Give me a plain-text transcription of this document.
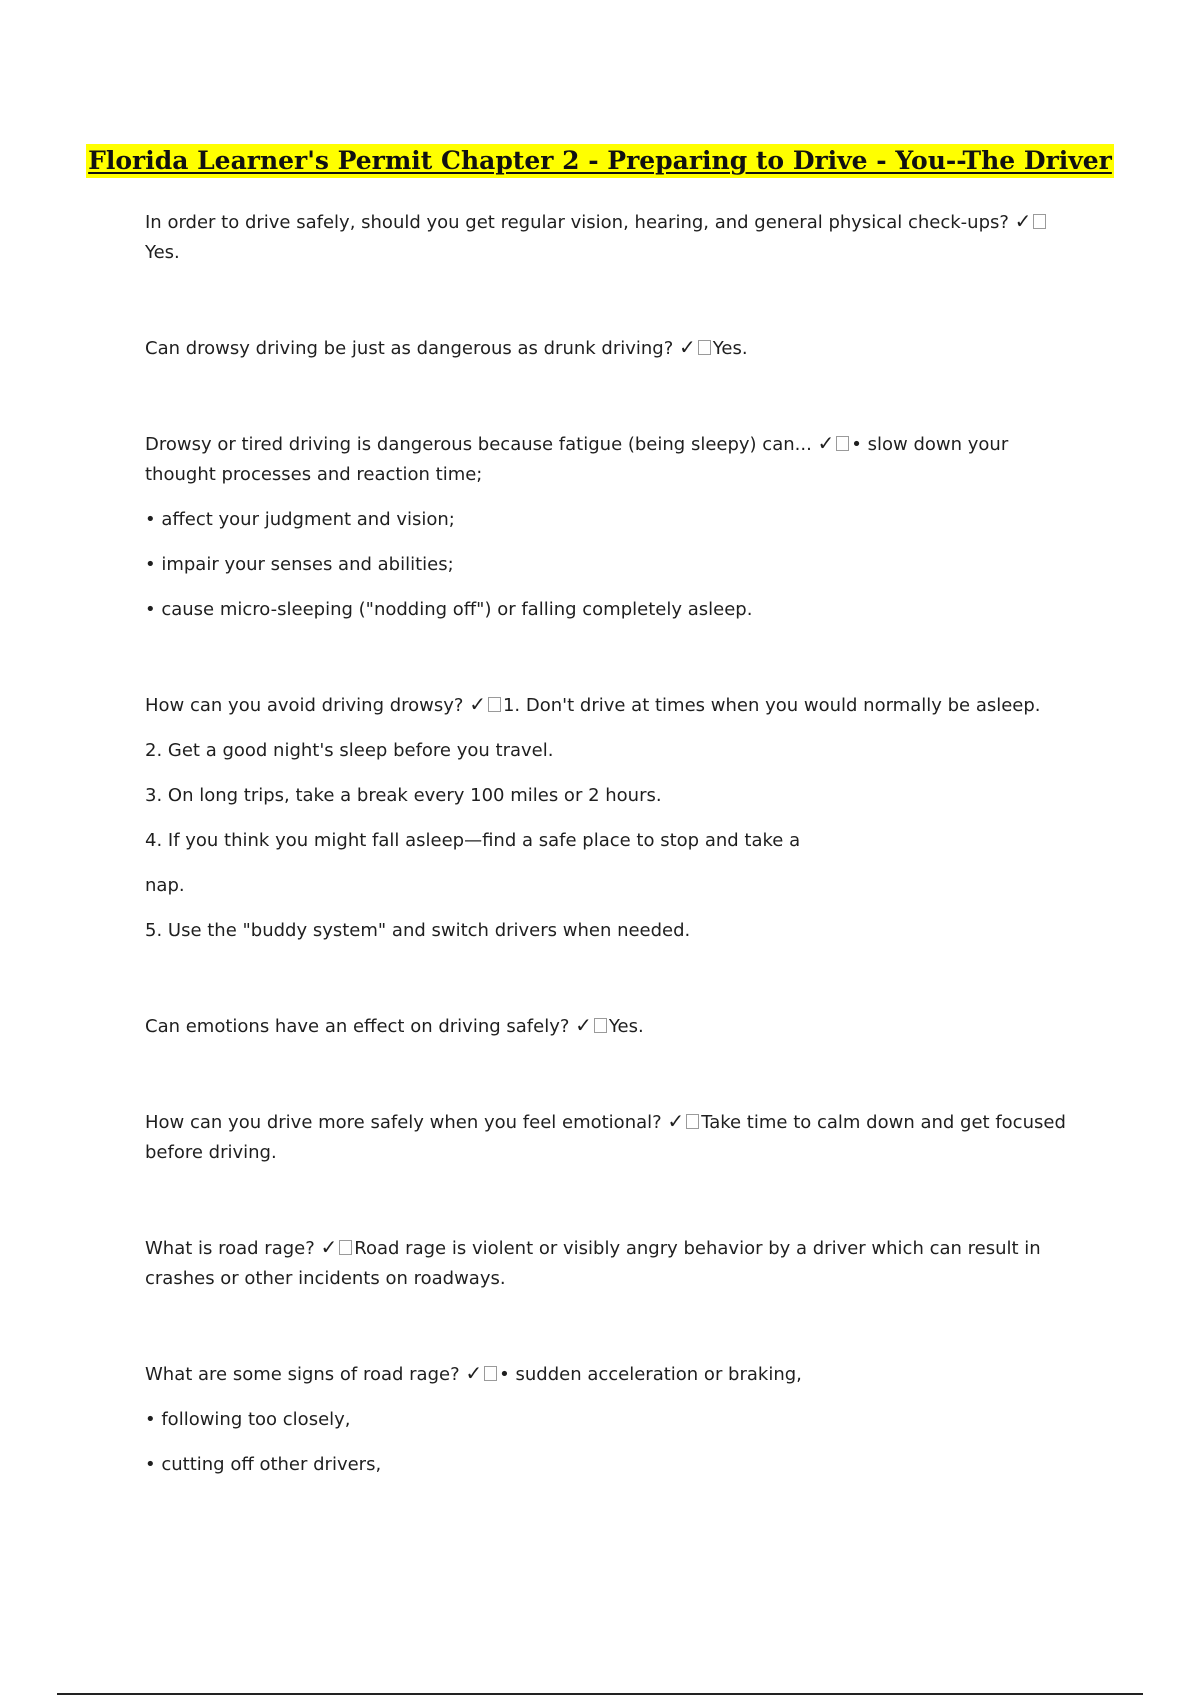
Florida Learner's Permit Chapter 2 - Preparing to Drive - You--The Driver

In order to drive safely, should you get regular vision, hearing, and general physical check-ups? ✓Yes.

Can drowsy driving be just as dangerous as drunk driving? ✓ Yes.

Drowsy or tired driving is dangerous because fatigue (being sleepy) can... ✓ • slow down your thought processes and reaction time;

• affect your judgment and vision;

• impair your senses and abilities;

• cause micro-sleeping ("nodding off") or falling completely asleep.

How can you avoid driving drowsy? ✓ 1. Don't drive at times when you would normally be asleep.

2. Get a good night's sleep before you travel.

3. On long trips, take a break every 100 miles or 2 hours.

4. If you think you might fall asleep—find a safe place to stop and take a

nap.

5. Use the "buddy system" and switch drivers when needed.

Can emotions have an effect on driving safely? ✓ Yes.

How can you drive more safely when you feel emotional? ✓ Take time to calm down and get focused before driving.

What is road rage? ✓ Road rage is violent or visibly angry behavior by a driver which can result in crashes or other incidents on roadways.

What are some signs of road rage? ✓ • sudden acceleration or braking,

• following too closely,

• cutting off other drivers,
